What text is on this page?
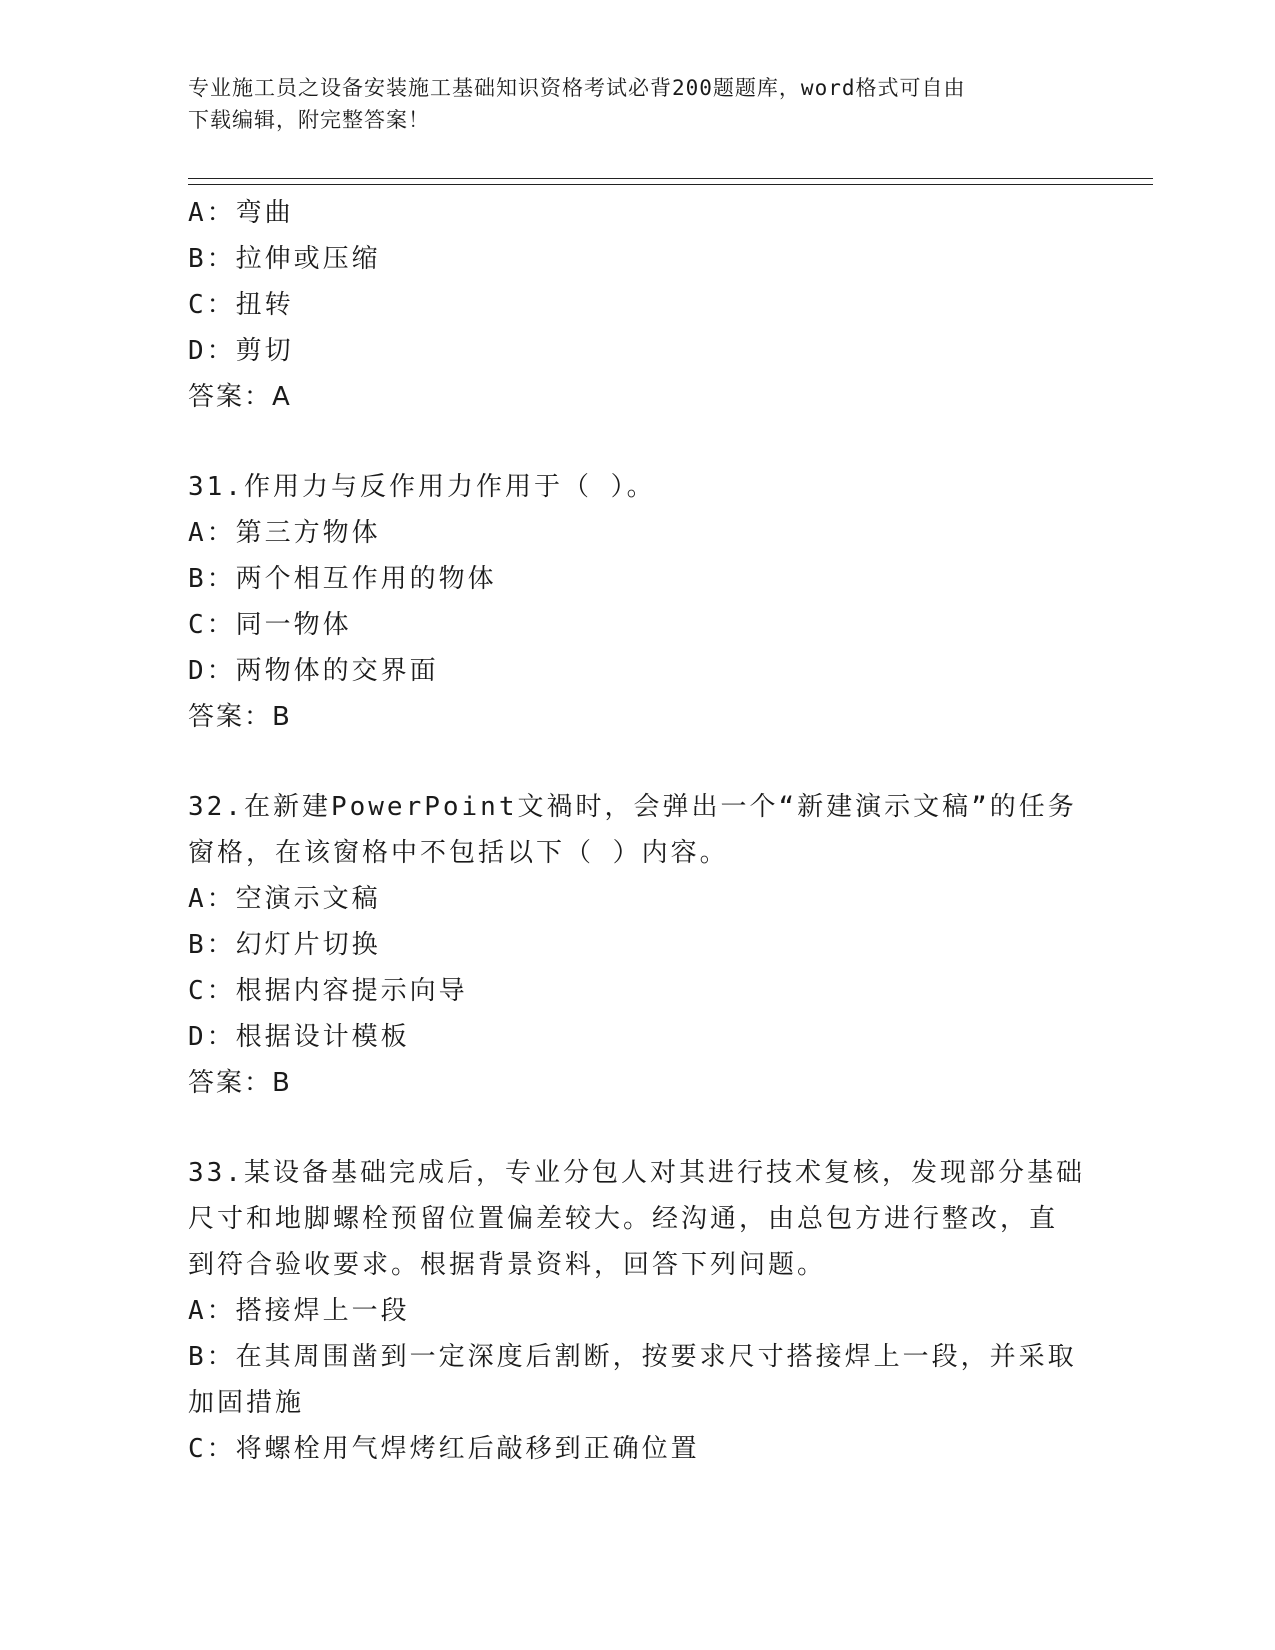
专业施工员之设备安装施工基础知识资格考试必背200题题库，word格式可自由
下载编辑，附完整答案！
A：弯曲
B：拉伸或压缩
C：扭转
D：剪切
答案：A
31.作用力与反作用力作用于（ ）。
A：第三方物体
B：两个相互作用的物体
C：同一物体
D：两物体的交界面
答案：B
32.在新建PowerPoint文禍时，会弹出一个“新建演示文稿”的任务
窗格，在该窗格中不包括以下（ ）内容。
A：空演示文稿
B：幻灯片切换
C：根据内容提示向导
D：根据设计模板
答案：B
33.某设备基础完成后，专业分包人对其进行技术复核，发现部分基础
尺寸和地脚螺栓预留位置偏差较大。经沟通，由总包方进行整改，直
到符合验收要求。根据背景资料，回答下列问题。
A：搭接焊上一段
B：在其周围凿到一定深度后割断，按要求尺寸搭接焊上一段，并采取
加固措施
C：将螺栓用气焊烤红后敲移到正确位置
